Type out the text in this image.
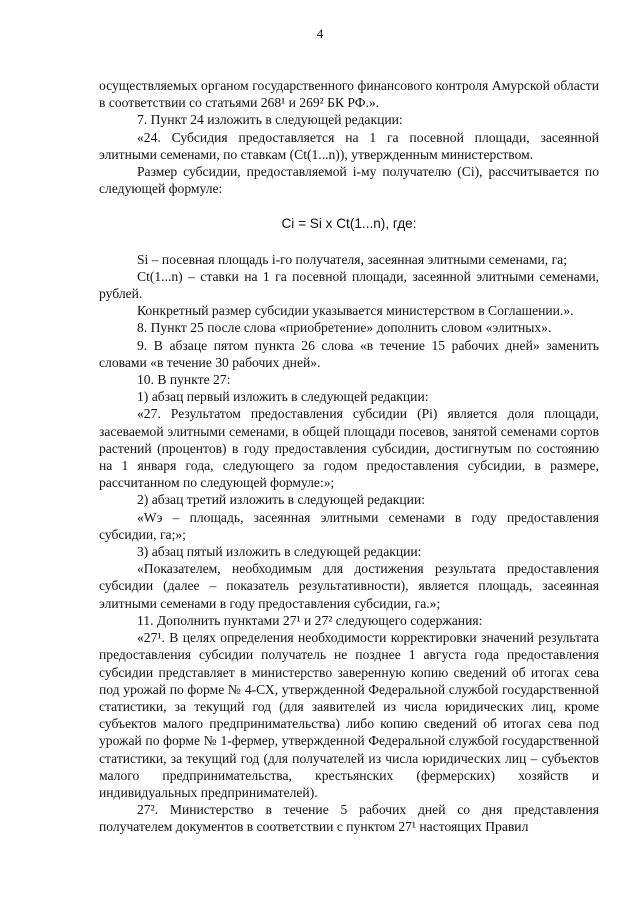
4

осуществляемых органом государственного финансового контроля Амурской области в соответствии со статьями 268¹ и 269² БК РФ.».

7. Пункт 24 изложить в следующей редакции:

«24. Субсидия предоставляется на 1 га посевной площади, засеянной элитными семенами, по ставкам (Ct(1...n)), утвержденным министерством.

Размер субсидии, предоставляемой i-му получателю (Ci), рассчитывается по следующей формуле:

Ci = Si x Ct(1...n), где:

Si – посевная площадь i-го получателя, засеянная элитными семенами, га;

Ct(1...n) – ставки на 1 га посевной площади, засеянной элитными семенами, рублей.

Конкретный размер субсидии указывается министерством в Соглашении.».

8. Пункт 25 после слова «приобретение» дополнить словом «элитных».

9. В абзаце пятом пункта 26 слова «в течение 15 рабочих дней» заменить словами «в течение 30 рабочих дней».

10. В пункте 27:

1) абзац первый изложить в следующей редакции:

«27. Результатом предоставления субсидии (Pi) является доля площади, засеваемой элитными семенами, в общей площади посевов, занятой семенами сортов растений (процентов) в году предоставления субсидии, достигнутым по состоянию на 1 января года, следующего за годом предоставления субсидии, в размере, рассчитанном по следующей формуле:»;

2) абзац третий изложить в следующей редакции:

«Wэ – площадь, засеянная элитными семенами в году предоставления субсидии, га;»;

3) абзац пятый изложить в следующей редакции:

«Показателем, необходимым для достижения результата предоставления субсидии (далее – показатель результативности), является площадь, засеянная элитными семенами в году предоставления субсидии, га.»;

11. Дополнить пунктами 27¹ и 27² следующего содержания:

«27¹. В целях определения необходимости корректировки значений результата предоставления субсидии получатель не позднее 1 августа года предоставления субсидии представляет в министерство заверенную копию сведений об итогах сева под урожай по форме № 4-СХ, утвержденной Федеральной службой государственной статистики, за текущий год (для заявителей из числа юридических лиц, кроме субъектов малого предпринимательства) либо копию сведений об итогах сева под урожай по форме № 1-фермер, утвержденной Федеральной службой государственной статистики, за текущий год (для получателей из числа юридических лиц – субъектов малого предпринимательства, крестьянских (фермерских) хозяйств и индивидуальных предпринимателей).

27². Министерство в течение 5 рабочих дней со дня представления получателем документов в соответствии с пунктом 27¹ настоящих Правил
